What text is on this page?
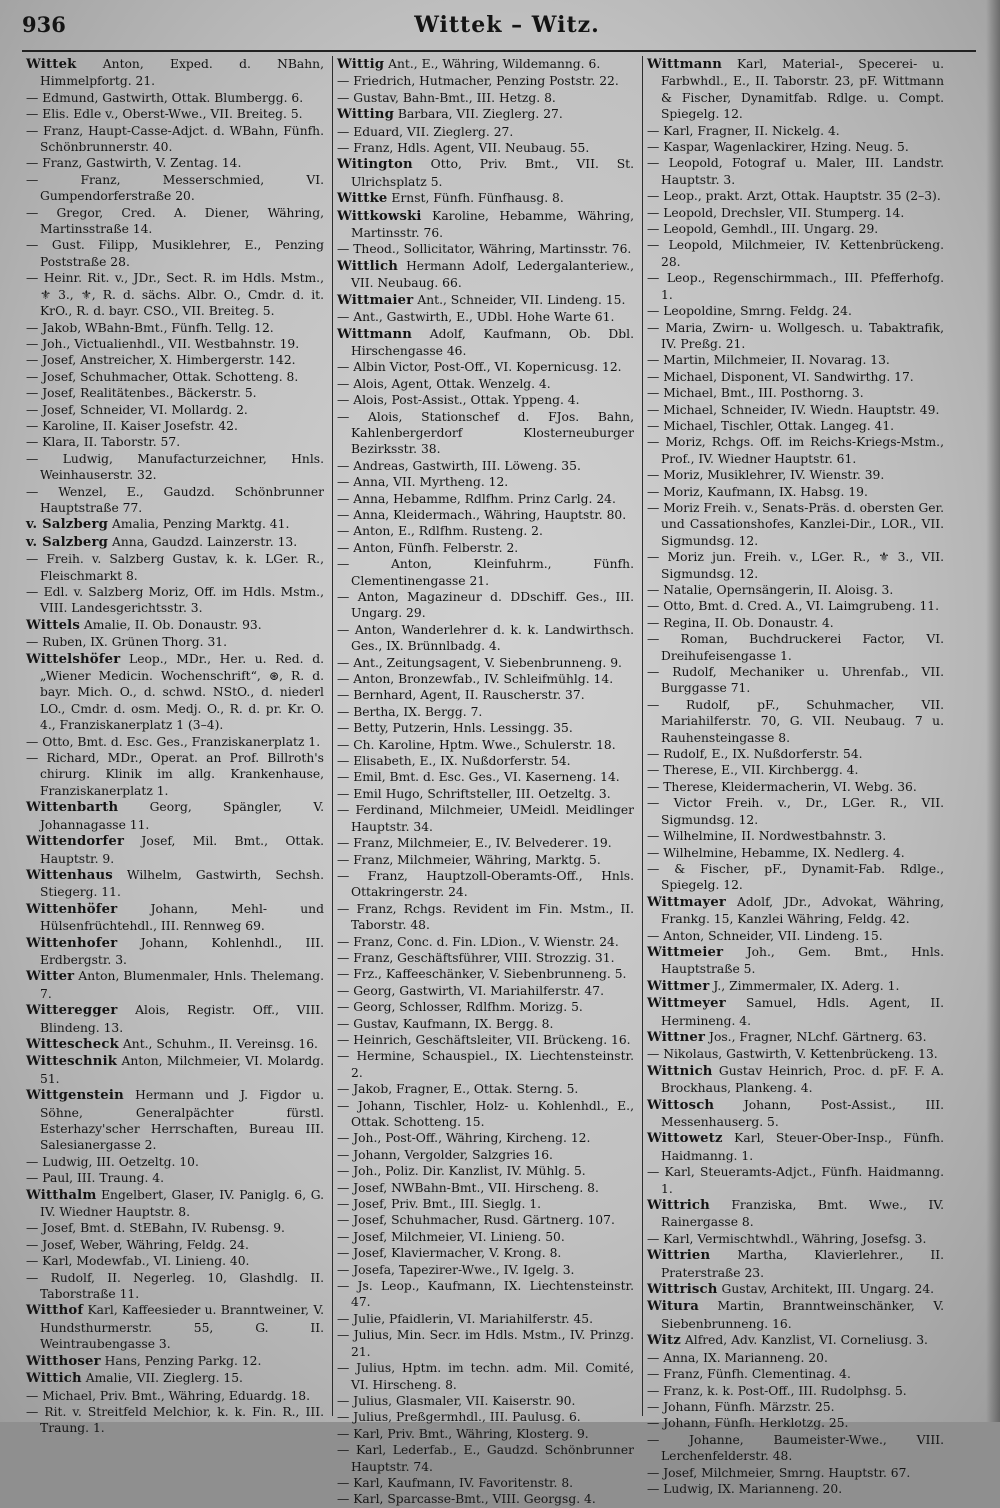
936	Wittek – Witz.

Wittek Anton, Exped. d. NBahn, Himmelpfortg. 21.

— Edmund, Gastwirth, Ottak. Blumbergg. 6.

— Elis. Edle v., Oberst-Wwe., VII. Breiteg. 5.

— Franz, Haupt-Casse-Adjct. d. WBahn, Fünfh. Schönbrunnerstr. 40.

— Franz, Gastwirth, V. Zentag. 14.

— Franz, Messerschmied, VI. Gumpendorferstraße 20.

— Gregor, Cred. A. Diener, Währing, Martinsstraße 14.

— Gust. Filipp, Musiklehrer, E., Penzing Poststraße 28.

— Heinr. Rit. v., JDr., Sect. R. im Hdls. Mstm., ⚜ 3., ⚜, R. d. sächs. Albr. O., Cmdr. d. it. KrO., R. d. bayr. CSO., VII. Breiteg. 5.

— Jakob, WBahn-Bmt., Fünfh. Tellg. 12.

— Joh., Victualienhdl., VII. Westbahnstr. 19.

— Josef, Anstreicher, X. Himbergerstr. 142.

— Josef, Schuhmacher, Ottak. Schotteng. 8.

— Josef, Realitätenbes., Bäckerstr. 5.

— Josef, Schneider, VI. Mollardg. 2.

— Karoline, II. Kaiser Josefstr. 42.

— Klara, II. Taborstr. 57.

— Ludwig, Manufacturzeichner, Hnls. Weinhauserstr. 32.

— Wenzel, E., Gaudzd. Schönbrunner Hauptstraße 77.

v. Salzberg Amalia, Penzing Marktg. 41.

v. Salzberg Anna, Gaudzd. Lainzerstr. 13.

— Freih. v. Salzberg Gustav, k. k. LGer. R., Fleischmarkt 8.

— Edl. v. Salzberg Moriz, Off. im Hdls. Mstm., VIII. Landesgerichtsstr. 3.

Wittels Amalie, II. Ob. Donaustr. 93.

— Ruben, IX. Grünen Thorg. 31.

Wittelshöfer Leop., MDr., Her. u. Red. d. „Wiener Medicin. Wochenschrift“, ⊛, R. d. bayr. Mich. O., d. schwd. NStO., d. niederl LO., Cmdr. d. osm. Medj. O., R. d. pr. Kr. O. 4., Franziskanerplatz 1 (3–4).

— Otto, Bmt. d. Esc. Ges., Franziskanerplatz 1.

— Richard, MDr., Operat. an Prof. Billroth's chirurg. Klinik im allg. Krankenhause, Franziskanerplatz 1.

Wittenbarth	Georg, Spängler, V. Johannagasse 11.

Wittendorfer Josef, Mil. Bmt., Ottak. Hauptstr. 9.

Wittenhaus Wilhelm, Gastwirth, Sechsh. Stiegerg. 11.

Wittenhöfer	Johann, Mehl- und Hülsenfrüchtehdl., III. Rennweg 69.

Wittenhofer Johann, Kohlenhdl., III. Erdbergstr. 3.

Witter Anton, Blumenmaler, Hnls. Thelemang. 7.

Witteregger Alois, Registr. Off., VIII. Blindeng. 13.

Wittescheck Ant., Schuhm., II. Vereinsg. 16.

Witteschnik Anton, Milchmeier, VI. Molardg. 51.

Wittgenstein Hermann und J. Figdor u. Söhne, Generalpächter fürstl. Esterhazy'scher Herrschaften, Bureau III. Salesianergasse 2.

— Ludwig, III. Oetzeltg. 10.

— Paul, III. Traung. 4.

Witthalm Engelbert, Glaser, IV. Paniglg. 6, G. IV. Wiedner Hauptstr. 8.

— Josef, Bmt. d. StEBahn, IV. Rubensg. 9.

— Josef, Weber, Währing, Feldg. 24.

— Karl, Modewfab., VI. Linieng. 40.

— Rudolf, II. Negerleg. 10, Glashdlg. II. Taborstraße 11.

Witthof Karl, Kaffeesieder u. Branntweiner, V. Hundsthurmerstr. 55, G. II. Weintraubengasse 3.

Witthoser Hans, Penzing Parkg. 12.

Wittich Amalie, VII. Zieglerg. 15.

— Michael, Priv. Bmt., Währing, Eduardg. 18.

— Rit. v. Streitfeld Melchior, k. k. Fin. R., III. Traung. 1.

Wittig Ant., E., Währing, Wildemanng. 6.

— Friedrich, Hutmacher, Penzing Poststr. 22.

— Gustav, Bahn-Bmt., III. Hetzg. 8.

Witting Barbara, VII. Zieglerg. 27.

— Eduard, VII. Zieglerg. 27.

— Franz, Hdls. Agent, VII. Neubaug. 55.

Witington Otto, Priv. Bmt., VII. St. Ulrichsplatz 5.

Wittke Ernst, Fünfh. Fünfhausg. 8.

Wittkowski Karoline, Hebamme, Währing, Martinsstr. 76.

— Theod., Sollicitator, Währing, Martinsstr. 76.

Wittlich Hermann Adolf, Ledergalanteriew., VII. Neubaug. 66.

Wittmaier Ant., Schneider, VII. Lindeng. 15.

— Ant., Gastwirth, E., UDbl. Hohe Warte 61.

Wittmann Adolf, Kaufmann, Ob. Dbl. Hirschengasse 46.

— Albin Victor, Post-Off., VI. Kopernicusg. 12.

— Alois, Agent, Ottak. Wenzelg. 4.

— Alois, Post-Assist., Ottak. Yppeng. 4.

— Alois, Stationschef d. FJos. Bahn, Kahlenbergerdorf Klosterneuburger Bezirksstr. 38.

— Andreas, Gastwirth, III. Löweng. 35.

— Anna, VII. Myrtheng. 12.

— Anna, Hebamme, Rdlfhm. Prinz Carlg. 24.

— Anna, Kleidermach., Währing, Hauptstr. 80.

— Anton, E., Rdlfhm. Rusteng. 2.

— Anton, Fünfh. Felberstr. 2.

— Anton, Kleinfuhrm., Fünfh. Clementinengasse 21.

— Anton, Magazineur d. DDschiff. Ges., III. Ungarg. 29.

— Anton, Wanderlehrer d. k. k. Landwirthsch. Ges., IX. Brünnlbadg. 4.

— Ant., Zeitungsagent, V. Siebenbrunneng. 9.

— Anton, Bronzewfab., IV. Schleifmühlg. 14.

— Bernhard, Agent, II. Rauscherstr. 37.

— Bertha, IX. Bergg. 7.

— Betty, Putzerin, Hnls. Lessingg. 35.

— Ch. Karoline, Hptm. Wwe., Schulerstr. 18.

— Elisabeth, E., IX. Nußdorferstr. 54.

— Emil, Bmt. d. Esc. Ges., VI. Kaserneng. 14.

— Emil Hugo, Schriftsteller, III. Oetzeltg. 3.

— Ferdinand, Milchmeier, UMeidl. Meidlinger Hauptstr. 34.

— Franz, Milchmeier, E., IV. Belvederег. 19.

— Franz, Milchmeier, Währing, Marktg. 5.

— Franz, Hauptzoll-Oberamts-Off., Hnls. Ottakringerstr. 24.

— Franz, Rchgs. Revident im Fin. Mstm., II. Taborstr. 48.

— Franz, Conc. d. Fin. LDion., V. Wienstr. 24.

— Franz, Geschäftsführer, VIII. Strozzig. 31.

— Frz., Kaffeeschänker, V. Siebenbrunneng. 5.

— Georg, Gastwirth, VI. Mariahilferstr. 47.

— Georg, Schlosser, Rdlfhm. Morizg. 5.

— Gustav, Kaufmann, IX. Bergg. 8.

— Heinrich, Geschäftsleiter, VII. Brückeng. 16.

— Hermine, Schauspiel., IX. Liechtensteinstr. 2.

— Jakob, Fragner, E., Ottak. Sterng. 5.

— Johann, Tischler, Holz- u. Kohlenhdl., E., Ottak. Schotteng. 15.

— Joh., Post-Off., Währing, Kircheng. 12.

— Johann, Vergolder, Salzgries 16.

— Joh., Poliz. Dir. Kanzlist, IV. Mühlg. 5.

— Josef, NWBahn-Bmt., VII. Hirscheng. 8.

— Josef, Priv. Bmt., III. Sieglg. 1.

— Josef, Schuhmacher, Rusd. Gärtnerg. 107.

— Josef, Milchmeier, VI. Linieng. 50.

— Josef, Klaviermacher, V. Krong. 8.

— Josefa, Tapezirer-Wwe., IV. Igelg. 3.

— Js. Leop., Kaufmann, IX. Liechtensteinstr. 47.

— Julie, Pfaidlerin, VI. Mariahilferstr. 45.

— Julius, Min. Secr. im Hdls. Mstm., IV. Prinzg. 21.

— Julius, Hptm. im techn. adm. Mil. Comité, VI. Hirscheng. 8.

— Julius, Glasmaler, VII. Kaiserstr. 90.

— Julius, Preßgermhdl., III. Paulusg. 6.

— Karl, Priv. Bmt., Währing, Klosterg. 9.

— Karl, Lederfab., E., Gaudzd. Schönbrunner Hauptstr. 74.

— Karl, Kaufmann, IV. Favoritenstr. 8.

— Karl, Sparcasse-Bmt., VIII. Georgsg. 4.

Wittmann Karl, Material-, Specerei- u. Farbwhdl., E., II. Taborstr. 23, pF. Wittmann & Fischer, Dynamitfab. Rdlge. u. Compt. Spiegelg. 12.

— Karl, Fragner, II. Nickelg. 4.

— Kaspar, Wagenlackirer, Hzing. Neug. 5.

— Leopold, Fotograf u. Maler, III. Landstr. Hauptstr. 3.

— Leop., prakt. Arzt, Ottak. Hauptstr. 35 (2–3).

— Leopold, Drechsler, VII. Stumperg. 14.

— Leopold, Gemhdl., III. Ungarg. 29.

— Leopold, Milchmeier, IV. Kettenbrückeng. 28.

— Leop., Regenschirmmach., III. Pfefferhofg. 1.

— Leopoldine, Smrng. Feldg. 24.

— Maria, Zwirn- u. Wollgesch. u. Tabaktrafik, IV. Preßg. 21.

— Martin, Milchmeier, II. Novarag. 13.

— Michael, Disponent, VI. Sandwirthg. 17.

— Michael, Bmt., III. Posthorng. 3.

— Michael, Schneider, IV. Wiedn. Hauptstr. 49.

— Michael, Tischler, Ottak. Langeg. 41.

— Moriz, Rchgs. Off. im Reichs-Kriegs-Mstm., Prof., IV. Wiedner Hauptstr. 61.

— Moriz, Musiklehrer, IV. Wienstr. 39.

— Moriz, Kaufmann, IX. Habsg. 19.

— Moriz Freih. v., Senats-Präs. d. obersten Ger. und Cassationshofes, Kanzlei-Dir., LOR., VII. Sigmundsg. 12.

— Moriz jun. Freih. v., LGer. R., ⚜ 3., VII. Sigmundsg. 12.

— Natalie, Opernsängerin, II. Aloisg. 3.

— Otto, Bmt. d. Cred. A., VI. Laimgrubeng. 11.

— Regina, II. Ob. Donaustr. 4.

— Roman, Buchdruckerei Factor, VI. Dreihufeisengasse 1.

— Rudolf, Mechaniker u. Uhrenfab., VII. Burggasse 71.

— Rudolf, pF., Schuhmacher, VII. Mariahilferstr. 70, G. VII. Neubaug. 7 u. Rauhensteingasse 8.

— Rudolf, E., IX. Nußdorferstr. 54.

— Therese, E., VII. Kirchbergg. 4.

— Therese, Kleidermacherin, VI. Webg. 36.

— Victor Freih. v., Dr., LGer. R., VII. Sigmundsg. 12.

— Wilhelmine, II. Nordwestbahnstr. 3.

— Wilhelmine, Hebamme, IX. Nedlerg. 4.

— & Fischer, pF., Dynamit-Fab. Rdlge., Spiegelg. 12.

Wittmayer Adolf, JDr., Advokat, Währing, Frankg. 15, Kanzlei Währing, Feldg. 42.

— Anton, Schneider, VII. Lindeng. 15.

Wittmeier Joh., Gem. Bmt., Hnls. Hauptstraße 5.

Wittmer J., Zimmermaler, IX. Aderg. 1.

Wittmeyer Samuel, Hdls. Agent, II. Hermineng. 4.

Wittner Jos., Fragner, NLchf. Gärtnerg. 63.

— Nikolaus, Gastwirth, V. Kettenbrückeng. 13.

Wittnich Gustav Heinrich, Proc. d. pF. F. A. Brockhaus, Plankeng. 4.

Wittosch Johann, Post-Assist., III. Messenhauserg. 5.

Wittowetz Karl, Steuer-Ober-Insp., Fünfh. Haidmanng. 1.

— Karl, Steueramts-Adjct., Fünfh. Haidmanng. 1.

Wittrich Franziska, Bmt. Wwe., IV. Rainergasse 8.

— Karl, Vermischtwhdl., Währing, Josefsg. 3.

Wittrien Martha, Klavierlehrer., II. Praterstraße 23.

Wittrisch Gustav, Architekt, III. Ungarg. 24.

Witura Martin, Branntweinschänker, V. Siebenbrunneng. 16.

Witz Alfred, Adv. Kanzlist, VI. Corneliusg. 3.

— Anna, IX. Marianneng. 20.

— Franz, Fünfh. Clementinag. 4.

— Franz, k. k. Post-Off., III. Rudolphsg. 5.

— Johann, Fünfh. Märzstr. 25.

— Johann, Fünfh. Herklotzg. 25.

— Johanne, Baumeister-Wwe., VIII. Lerchenfelderstr. 48.

— Josef, Milchmeier, Smrng. Hauptstr. 67.

— Ludwig, IX. Marianneng. 20.
